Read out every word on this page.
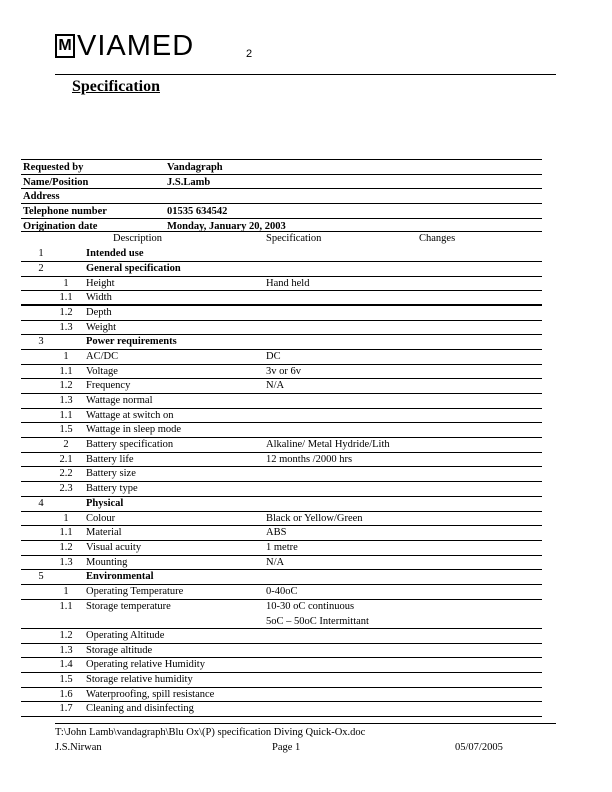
M VIAMED	2
Specification
Requested by	Vandagraph
Name/Position	J.S.Lamb
Address
Telephone number	01535 634542
Origination date	Monday, January 20, 2003
Description	Specification	Changes
1	Intended use
2	General specification
1	Height	Hand held
1.1	Width
1.2	Depth
1.3	Weight
3	Power requirements
1	AC/DC	DC
1.1	Voltage	3v or 6v
1.2	Frequency	N/A
1.3	Wattage normal
1.1	Wattage at switch on
1.5	Wattage in sleep mode
2	Battery specification	Alkaline/ Metal Hydride/Lith
2.1	Battery life	12 months /2000 hrs
2.2	Battery size
2.3	Battery type
4	Physical
1	Colour	Black or Yellow/Green
1.1	Material	ABS
1.2	Visual acuity	1 metre
1.3	Mounting	N/A
5	Environmental
1	Operating Temperature	0-40oC
1.1	Storage temperature	10-30 oC continuous
5oC – 50oC Intermittant
1.2	Operating Altitude
1.3	Storage altitude
1.4	Operating relative Humidity
1.5	Storage relative humidity
1.6	Waterproofing, spill resistance
1.7	Cleaning and disinfecting
T:\John Lamb\vandagraph\Blu Ox\(P) specification Diving Quick-Ox.doc
J.S.Nirwan	Page 1	05/07/2005
